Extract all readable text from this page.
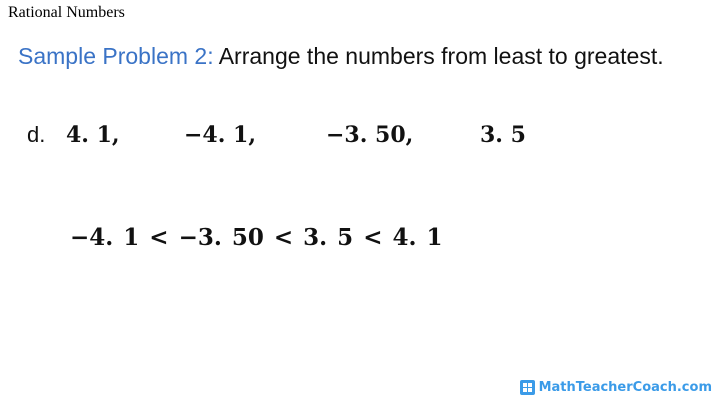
Rational Numbers
Sample Problem 2: Arrange the numbers from least to greatest.
d. 4. 1,	−4. 1,	−3. 50,	3. 5
−4. 1 < −3. 50 < 3. 5 < 4. 1
MathTeacherCoach.com
